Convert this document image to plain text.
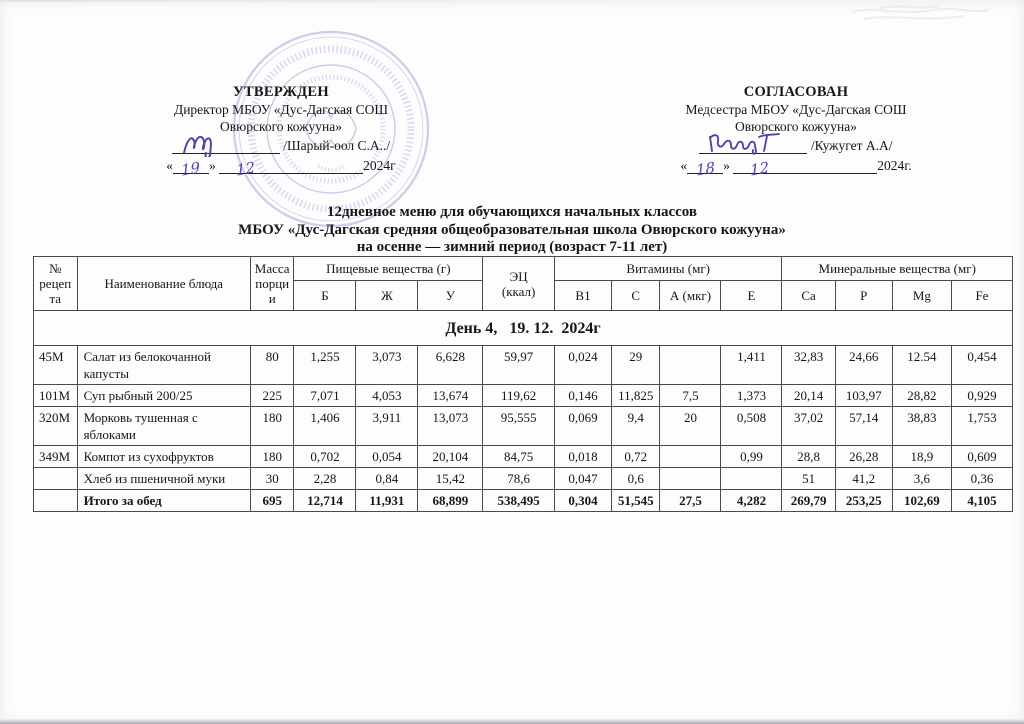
УТВЕРЖДЕН
Директор МБОУ «Дус-Дагская СОШ
Овюрского кожууна»
/Шарый-оол С.А../
« 19 » 12	2024г
СОГЛАСОВАН
Медсестра МБОУ «Дус-Дагская СОШ
Овюрского кожууна»
/Кужугет А.А/
« 18 » 12	2024г.
12дневное меню для обучающихся начальных классов
МБОУ «Дус-Дагская средняя общеобразовательная школа Овюрского кожууна»
на осенне — зимний период (возраст 7-11 лет)
№ рецепта	Наименование блюда	Масса порции	Пищевые вещества (г)			ЭЦ
(ккал)	Витамины (мг)				Минеральные вещества (мг)			
			Б	Ж	У		В1	С	А (мкг)	Е	Са	Р	Mg	Fe
День 4,   19. 12.  2024г														
45М	Салат из белокочанной капусты	80	1,255	3,073	6,628	59,97	0,024	29		1,411	32,83	24,66	12.54	0,454
101М	Суп рыбный 200/25	225	7,071	4,053	13,674	119,62	0,146	11,825	7,5	1,373	20,14	103,97	28,82	0,929
320М	Морковь тушенная с яблоками	180	1,406	3,911	13,073	95,555	0,069	9,4	20	0,508	37,02	57,14	38,83	1,753
349М	Компот из сухофруктов	180	0,702	0,054	20,104	84,75	0,018	0,72		0,99	28,8	26,28	18,9	0,609
	Хлеб из пшеничной муки	30	2,28	0,84	15,42	78,6	0,047	0,6			51	41,2	3,6	0,36
	Итого за обед	695	12,714	11,931	68,899	538,495	0,304	51,545	27,5	4,282	269,79	253,25	102,69	4,105
